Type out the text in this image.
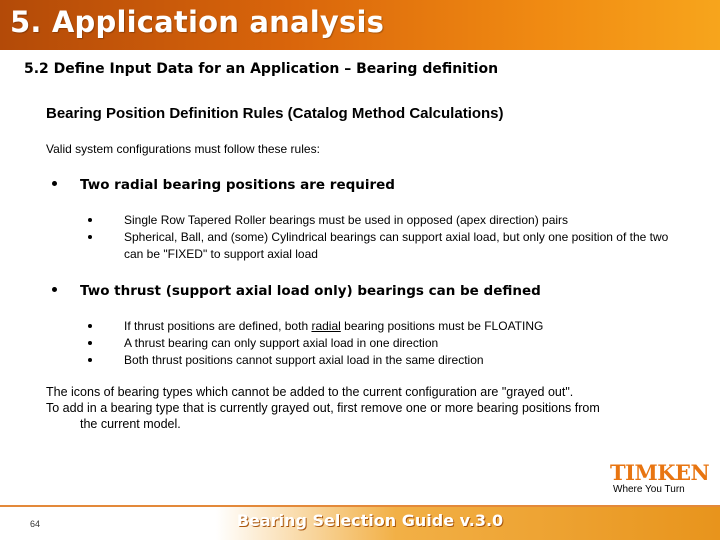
5. Application analysis
5.2 Define Input Data for an Application – Bearing definition
Bearing Position Definition Rules (Catalog Method Calculations)
Valid system configurations must follow these rules:
Two radial bearing positions are required
Single Row Tapered Roller bearings must be used in opposed (apex direction) pairs
Spherical, Ball, and (some) Cylindrical bearings can support axial load, but only one position of the two can be "FIXED" to support axial load
Two thrust (support axial load only) bearings can be defined
If thrust positions are defined, both radial bearing positions must be FLOATING
A thrust bearing can only support axial load in one direction
Both thrust positions cannot support axial load in the same direction

The icons of bearing types which cannot be added to the current configuration are "grayed out".

To add in a bearing type that is currently grayed out, first remove one or more bearing positions from

the current model.

TIMKEN
Where You Turn
64	Bearing Selection Guide v.3.0
